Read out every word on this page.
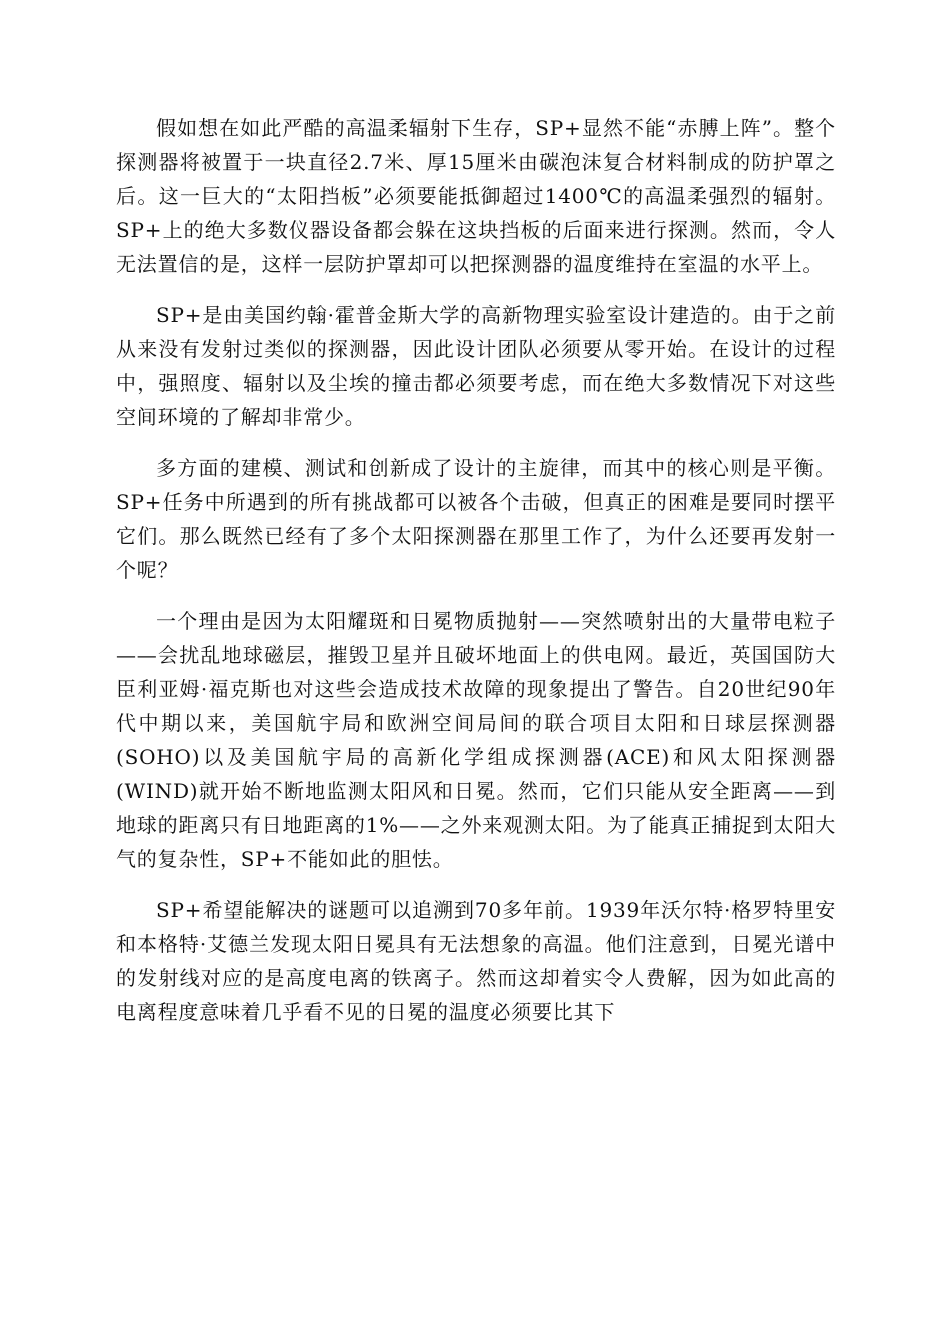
假如想在如此严酷的高温柔辐射下生存，SP+显然不能“赤膊上阵”。整个探测器将被置于一块直径2.7米、厚15厘米由碳泡沫复合材料制成的防护罩之后。这一巨大的“太阳挡板”必须要能抵御超过1400℃的高温柔强烈的辐射。SP+上的绝大多数仪器设备都会躲在这块挡板的后面来进行探测。然而，令人无法置信的是，这样一层防护罩却可以把探测器的温度维持在室温的水平上。

SP+是由美国约翰·霍普金斯大学的高新物理实验室设计建造的。由于之前从来没有发射过类似的探测器，因此设计团队必须要从零开始。在设计的过程中，强照度、辐射以及尘埃的撞击都必须要考虑，而在绝大多数情况下对这些空间环境的了解却非常少。

多方面的建模、测试和创新成了设计的主旋律，而其中的核心则是平衡。SP+任务中所遇到的所有挑战都可以被各个击破，但真正的困难是要同时摆平它们。那么既然已经有了多个太阳探测器在那里工作了，为什么还要再发射一个呢？

一个理由是因为太阳耀斑和日冕物质抛射——突然喷射出的大量带电粒子——会扰乱地球磁层，摧毁卫星并且破坏地面上的供电网。最近，英国国防大臣利亚姆·福克斯也对这些会造成技术故障的现象提出了警告。自20世纪90年代中期以来，美国航宇局和欧洲空间局间的联合项目太阳和日球层探测器(SOHO)以及美国航宇局的高新化学组成探测器(ACE)和风太阳探测器(WIND)就开始不断地监测太阳风和日冕。然而，它们只能从安全距离——到地球的距离只有日地距离的1%——之外来观测太阳。为了能真正捕捉到太阳大气的复杂性，SP+不能如此的胆怯。

SP+希望能解决的谜题可以追溯到70多年前。1939年沃尔特·格罗特里安和本格特·艾德兰发现太阳日冕具有无法想象的高温。他们注意到，日冕光谱中的发射线对应的是高度电离的铁离子。然而这却着实令人费解，因为如此高的电离程度意味着几乎看不见的日冕的温度必须要比其下
